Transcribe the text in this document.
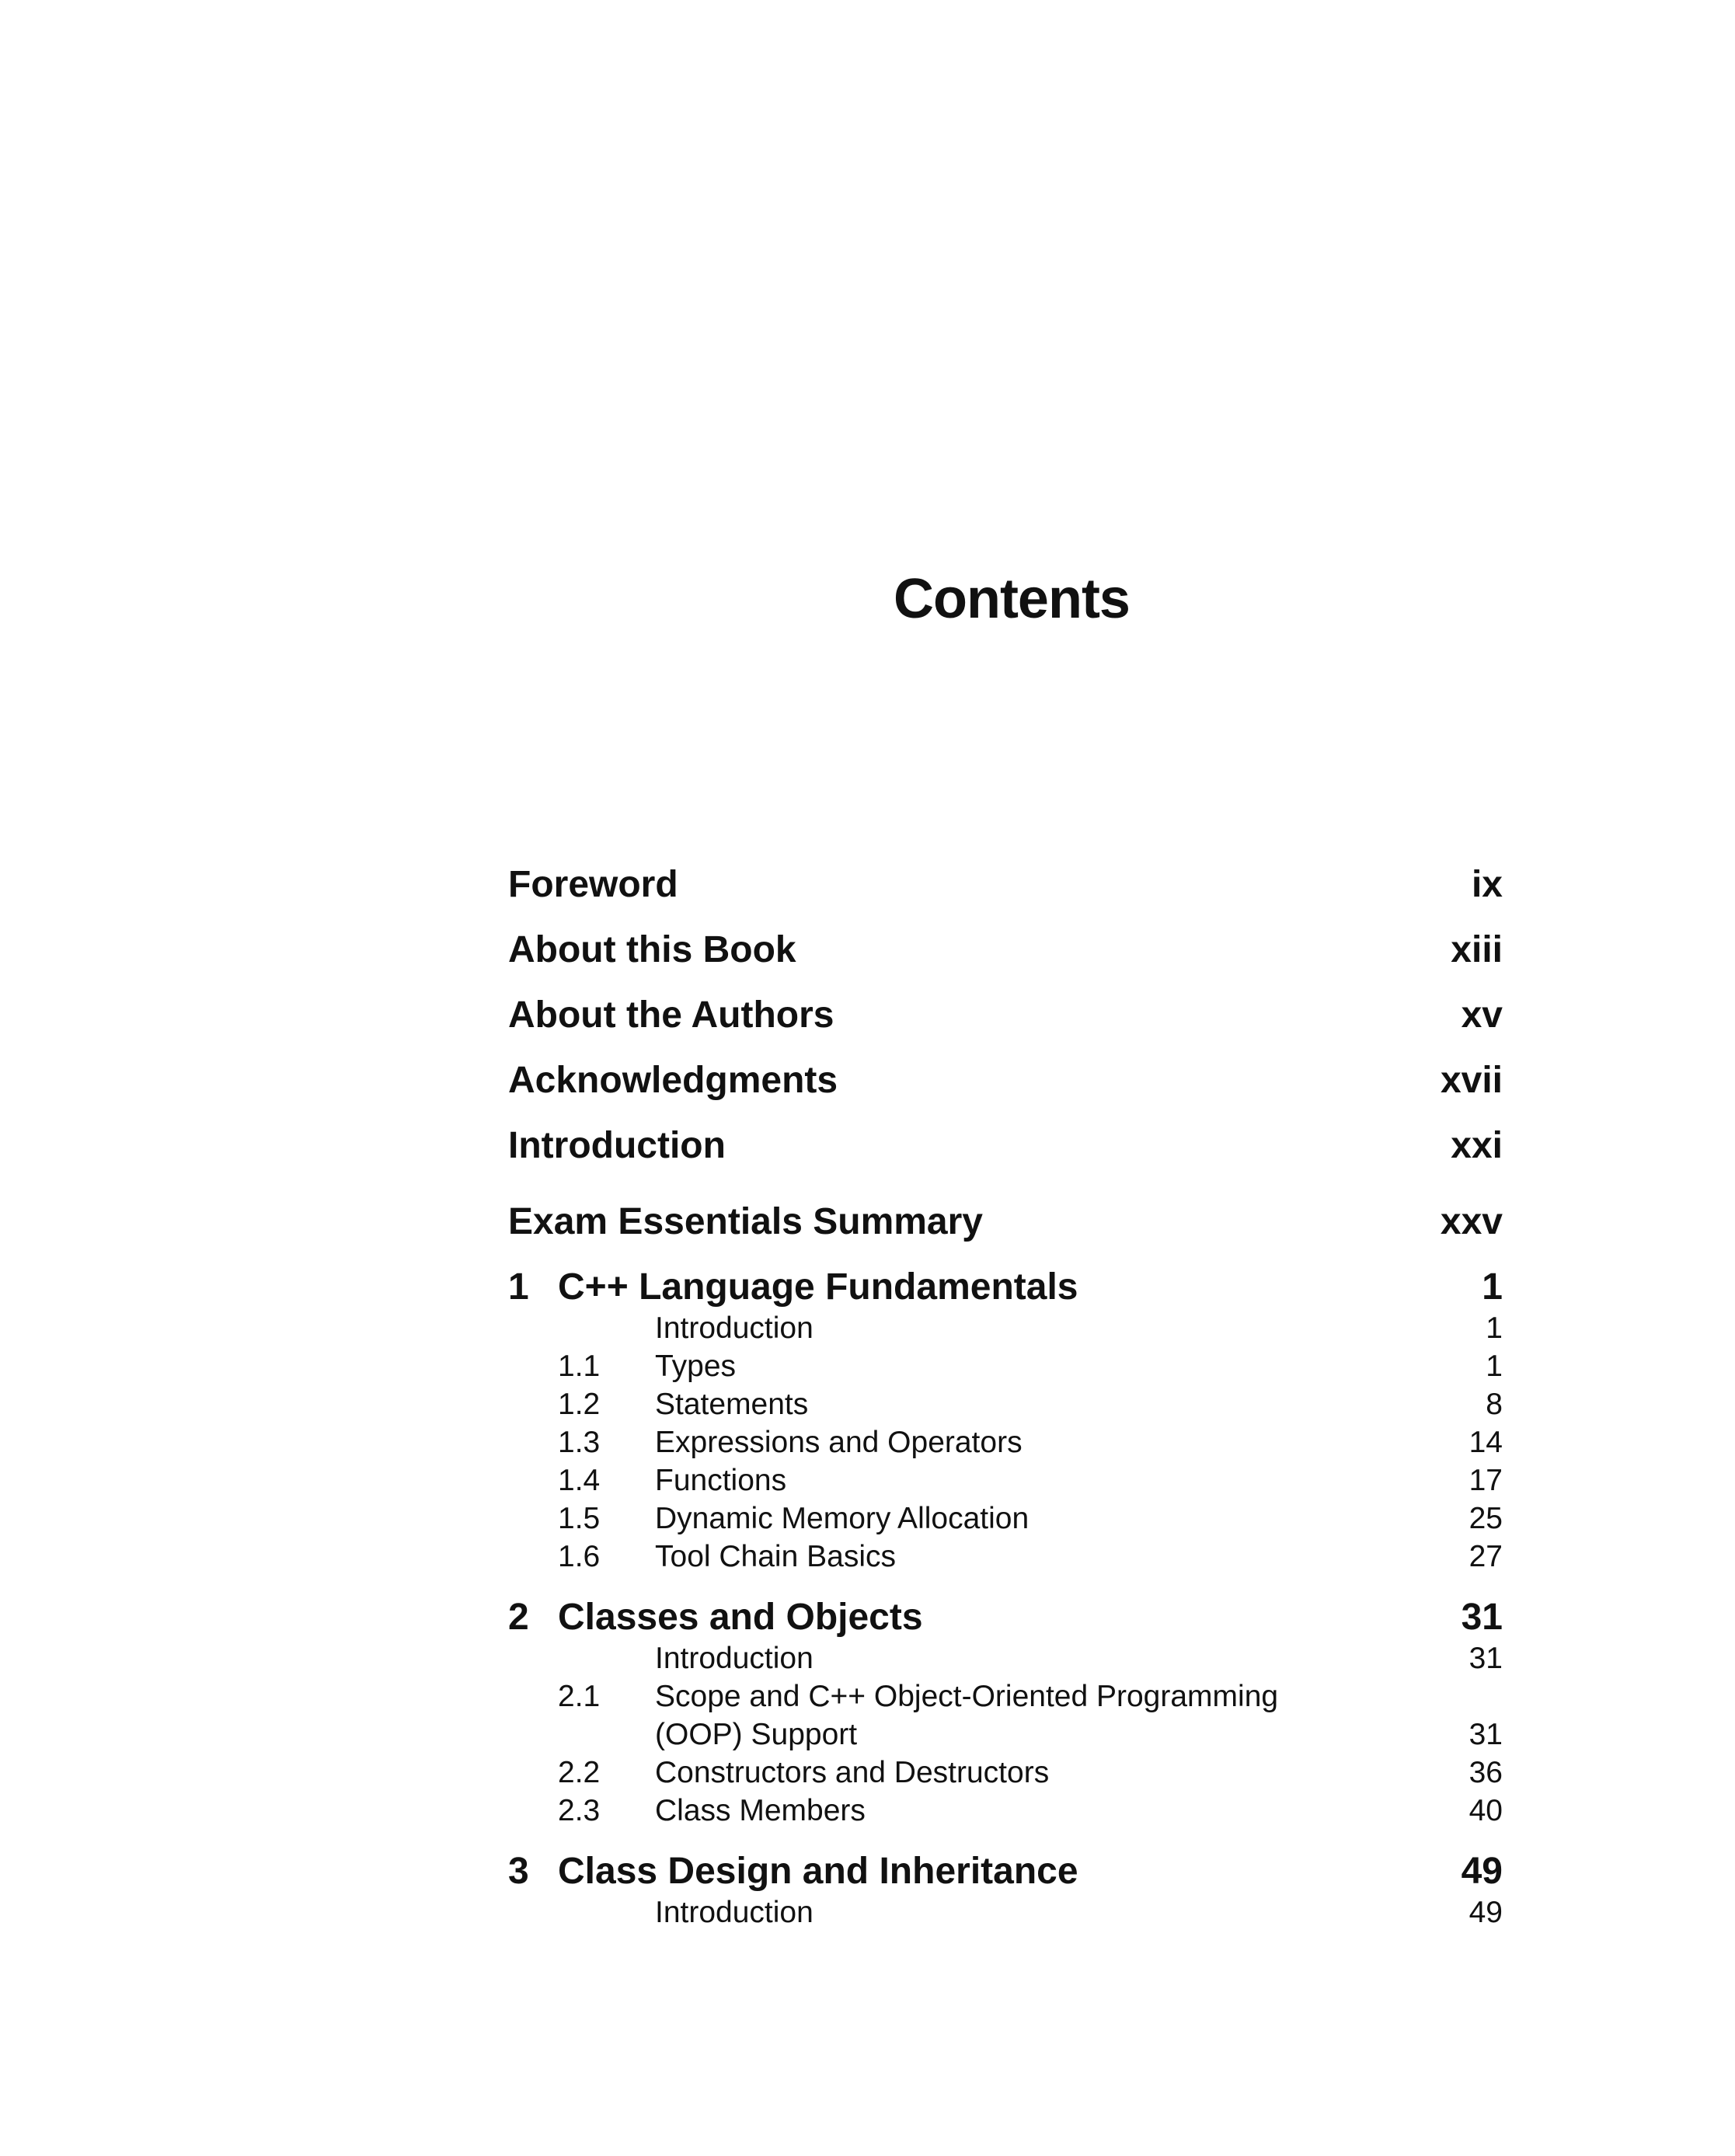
Contents
Foreword	ix
About this Book	xiii
About the Authors	xv
Acknowledgments	xvii
Introduction	xxi
Exam Essentials Summary	xxv
1 C++ Language Fundamentals	1
Introduction	1
1.1	Types	1
1.2	Statements	8
1.3	Expressions and Operators	14
1.4	Functions	17
1.5	Dynamic Memory Allocation	25
1.6	Tool Chain Basics	27
2 Classes and Objects	31
Introduction	31
2.1	Scope and C++ Object-Oriented Programming
(OOP) Support	31
2.2	Constructors and Destructors	36
2.3	Class Members	40
3 Class Design and Inheritance	49
Introduction	49
